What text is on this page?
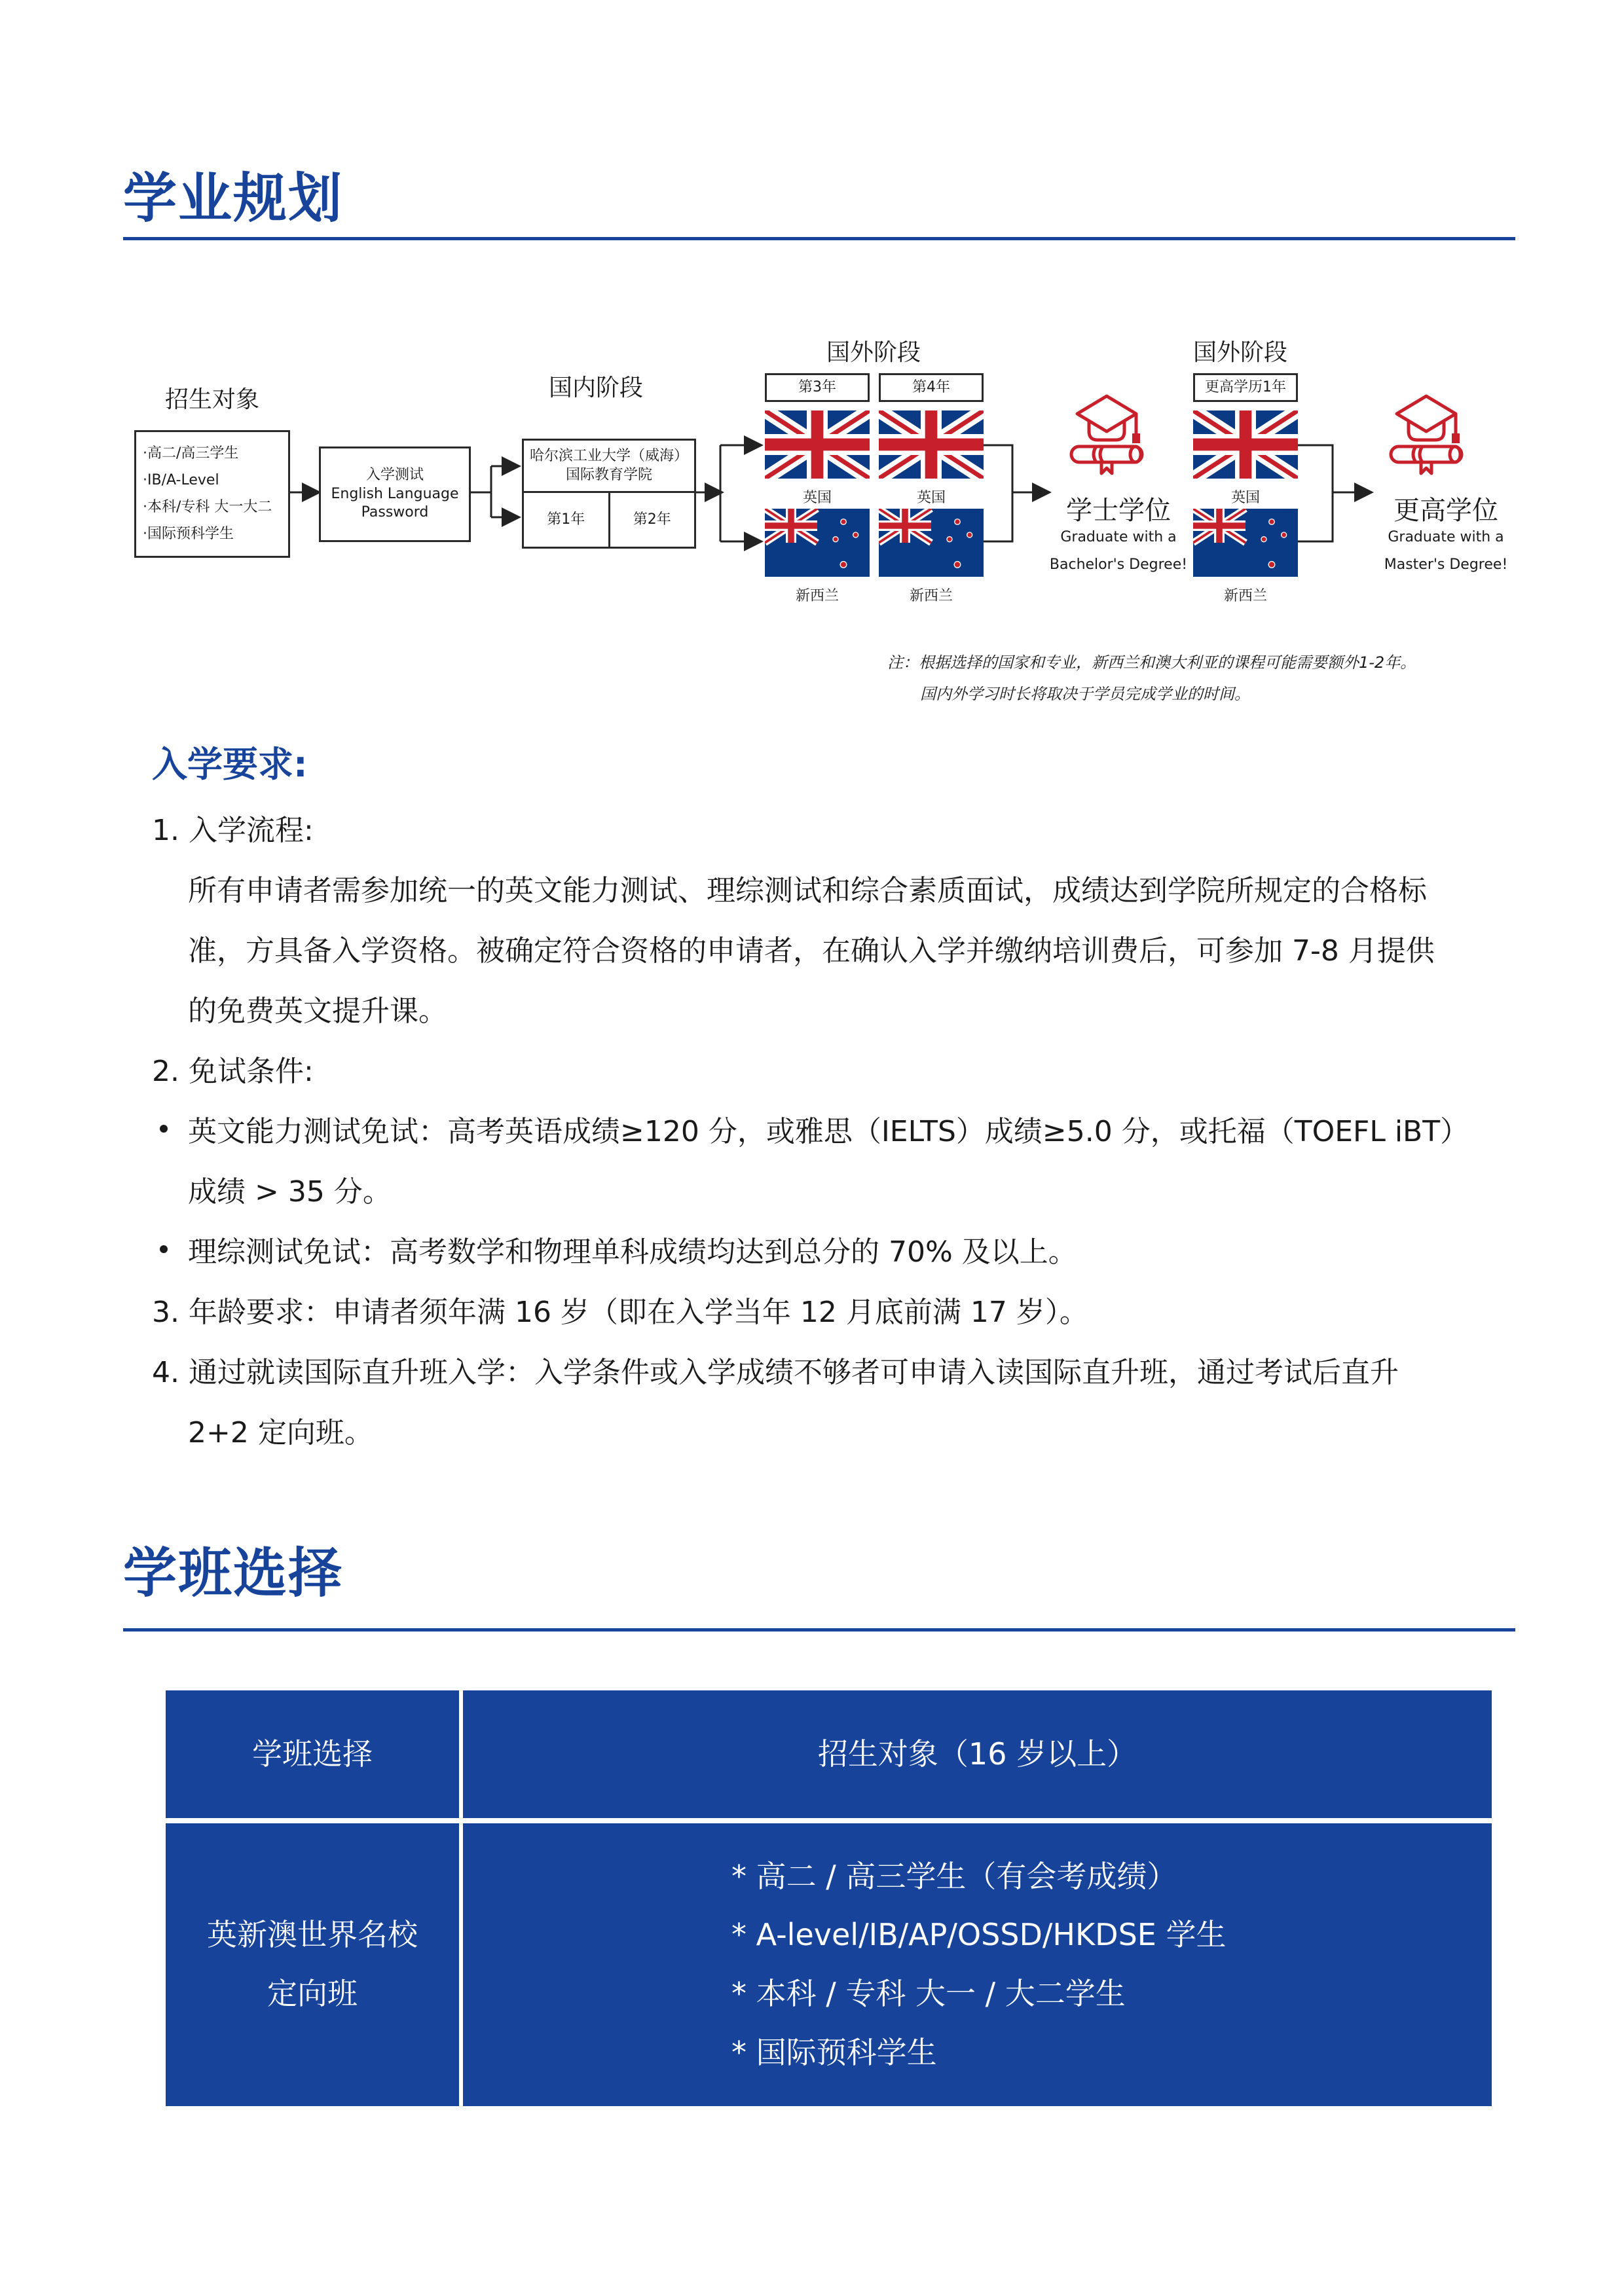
学业规划
招生对象	国内阶段
国外阶段	国外阶段
·高二/高三学生
·IB/A-Level
·本科/专科 大一大二
·国际预科学生
入学测试
English Language
Password
哈尔滨工业大学（威海）
国际教育学院
第1年	第2年
第3年	第4年	更高学历1年
英国	英国	英国
新西兰	新西兰	新西兰
学士学位
Graduate with a
Bachelor's Degree!
更高学位
Graduate with a
Master's Degree!
注：根据选择的国家和专业，新西兰和澳大利亚的课程可能需要额外1-2年。
国内外学习时长将取决于学员完成学业的时间。
入学要求:
1. 入学流程:
所有申请者需参加统一的英文能力测试、理综测试和综合素质面试，成绩达到学院所规定的合格标
准，方具备入学资格。被确定符合资格的申请者，在确认入学并缴纳培训费后，可参加 7-8 月提供
的免费英文提升课。
2. 免试条件:
英文能力测试免试：高考英语成绩≥120 分，或雅思（IELTS）成绩≥5.0 分，或托福（TOEFL iBT）
成绩 > 35 分。
理综测试免试：高考数学和物理单科成绩均达到总分的 70% 及以上。
3. 年龄要求：申请者须年满 16 岁（即在入学当年 12 月底前满 17 岁）。
4. 通过就读国际直升班入学：入学条件或入学成绩不够者可申请入读国际直升班，通过考试后直升
2+2 定向班。
学班选择
学班选择	招生对象（16 岁以上）
英新澳世界名校
定向班
* 高二 / 高三学生（有会考成绩）
* A-level/IB/AP/OSSD/HKDSE 学生
* 本科 / 专科 大一 / 大二学生
* 国际预科学生
